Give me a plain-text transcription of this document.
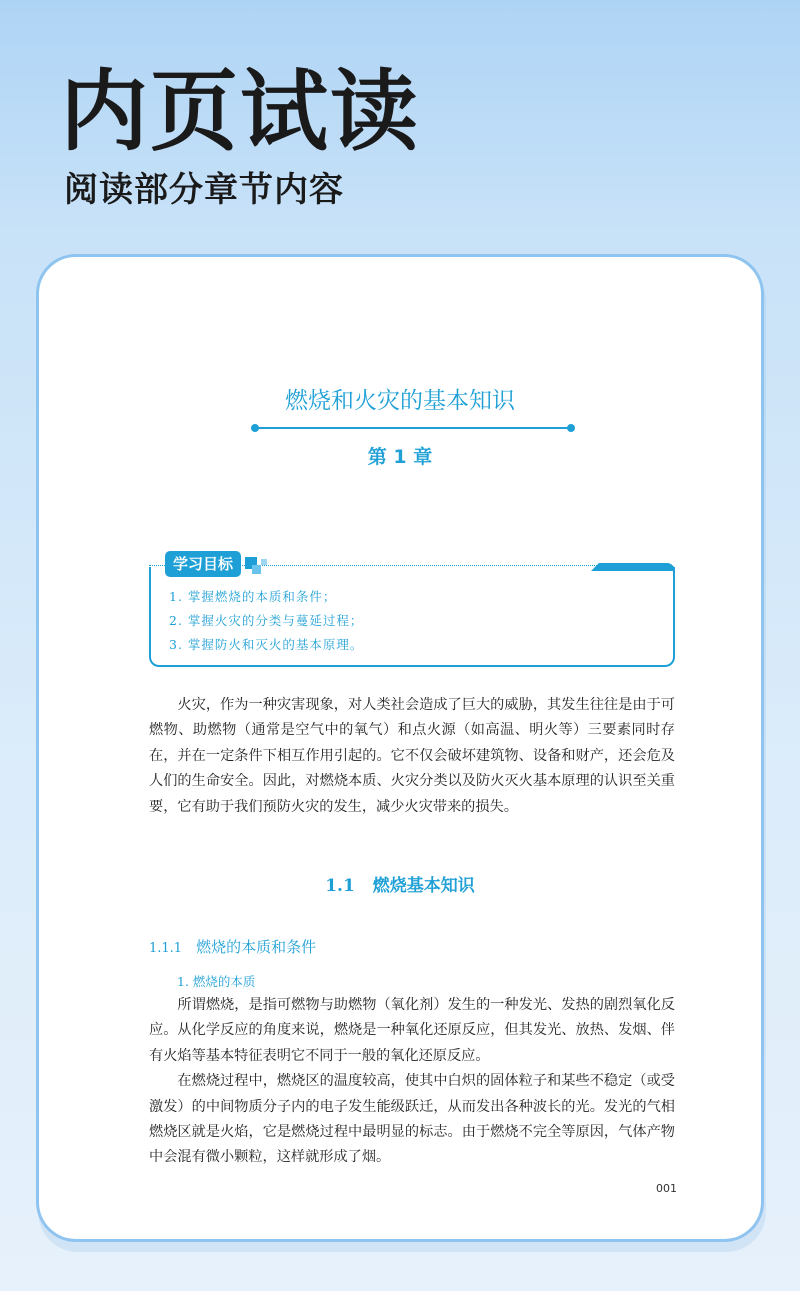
内页试读
阅读部分章节内容
燃烧和火灾的基本知识
第 1 章
学习目标
1. 掌握燃烧的本质和条件；
2. 掌握火灾的分类与蔓延过程；
3. 掌握防火和灭火的基本原理。

火灾，作为一种灾害现象，对人类社会造成了巨大的威胁，其发生往往是由于可燃物、助燃物（通常是空气中的氧气）和点火源（如高温、明火等）三要素同时存在，并在一定条件下相互作用引起的。它不仅会破坏建筑物、设备和财产，还会危及人们的生命安全。因此，对燃烧本质、火灾分类以及防火灭火基本原理的认识至关重要，它有助于我们预防火灾的发生，减少火灾带来的损失。

1.1 燃烧基本知识
1.1.1 燃烧的本质和条件
1. 燃烧的本质

所谓燃烧，是指可燃物与助燃物（氧化剂）发生的一种发光、发热的剧烈氧化反应。从化学反应的角度来说，燃烧是一种氧化还原反应，但其发光、放热、发烟、伴有火焰等基本特征表明它不同于一般的氧化还原反应。

在燃烧过程中，燃烧区的温度较高，使其中白炽的固体粒子和某些不稳定（或受激发）的中间物质分子内的电子发生能级跃迁，从而发出各种波长的光。发光的气相燃烧区就是火焰，它是燃烧过程中最明显的标志。由于燃烧不完全等原因，气体产物中会混有微小颗粒，这样就形成了烟。

001
